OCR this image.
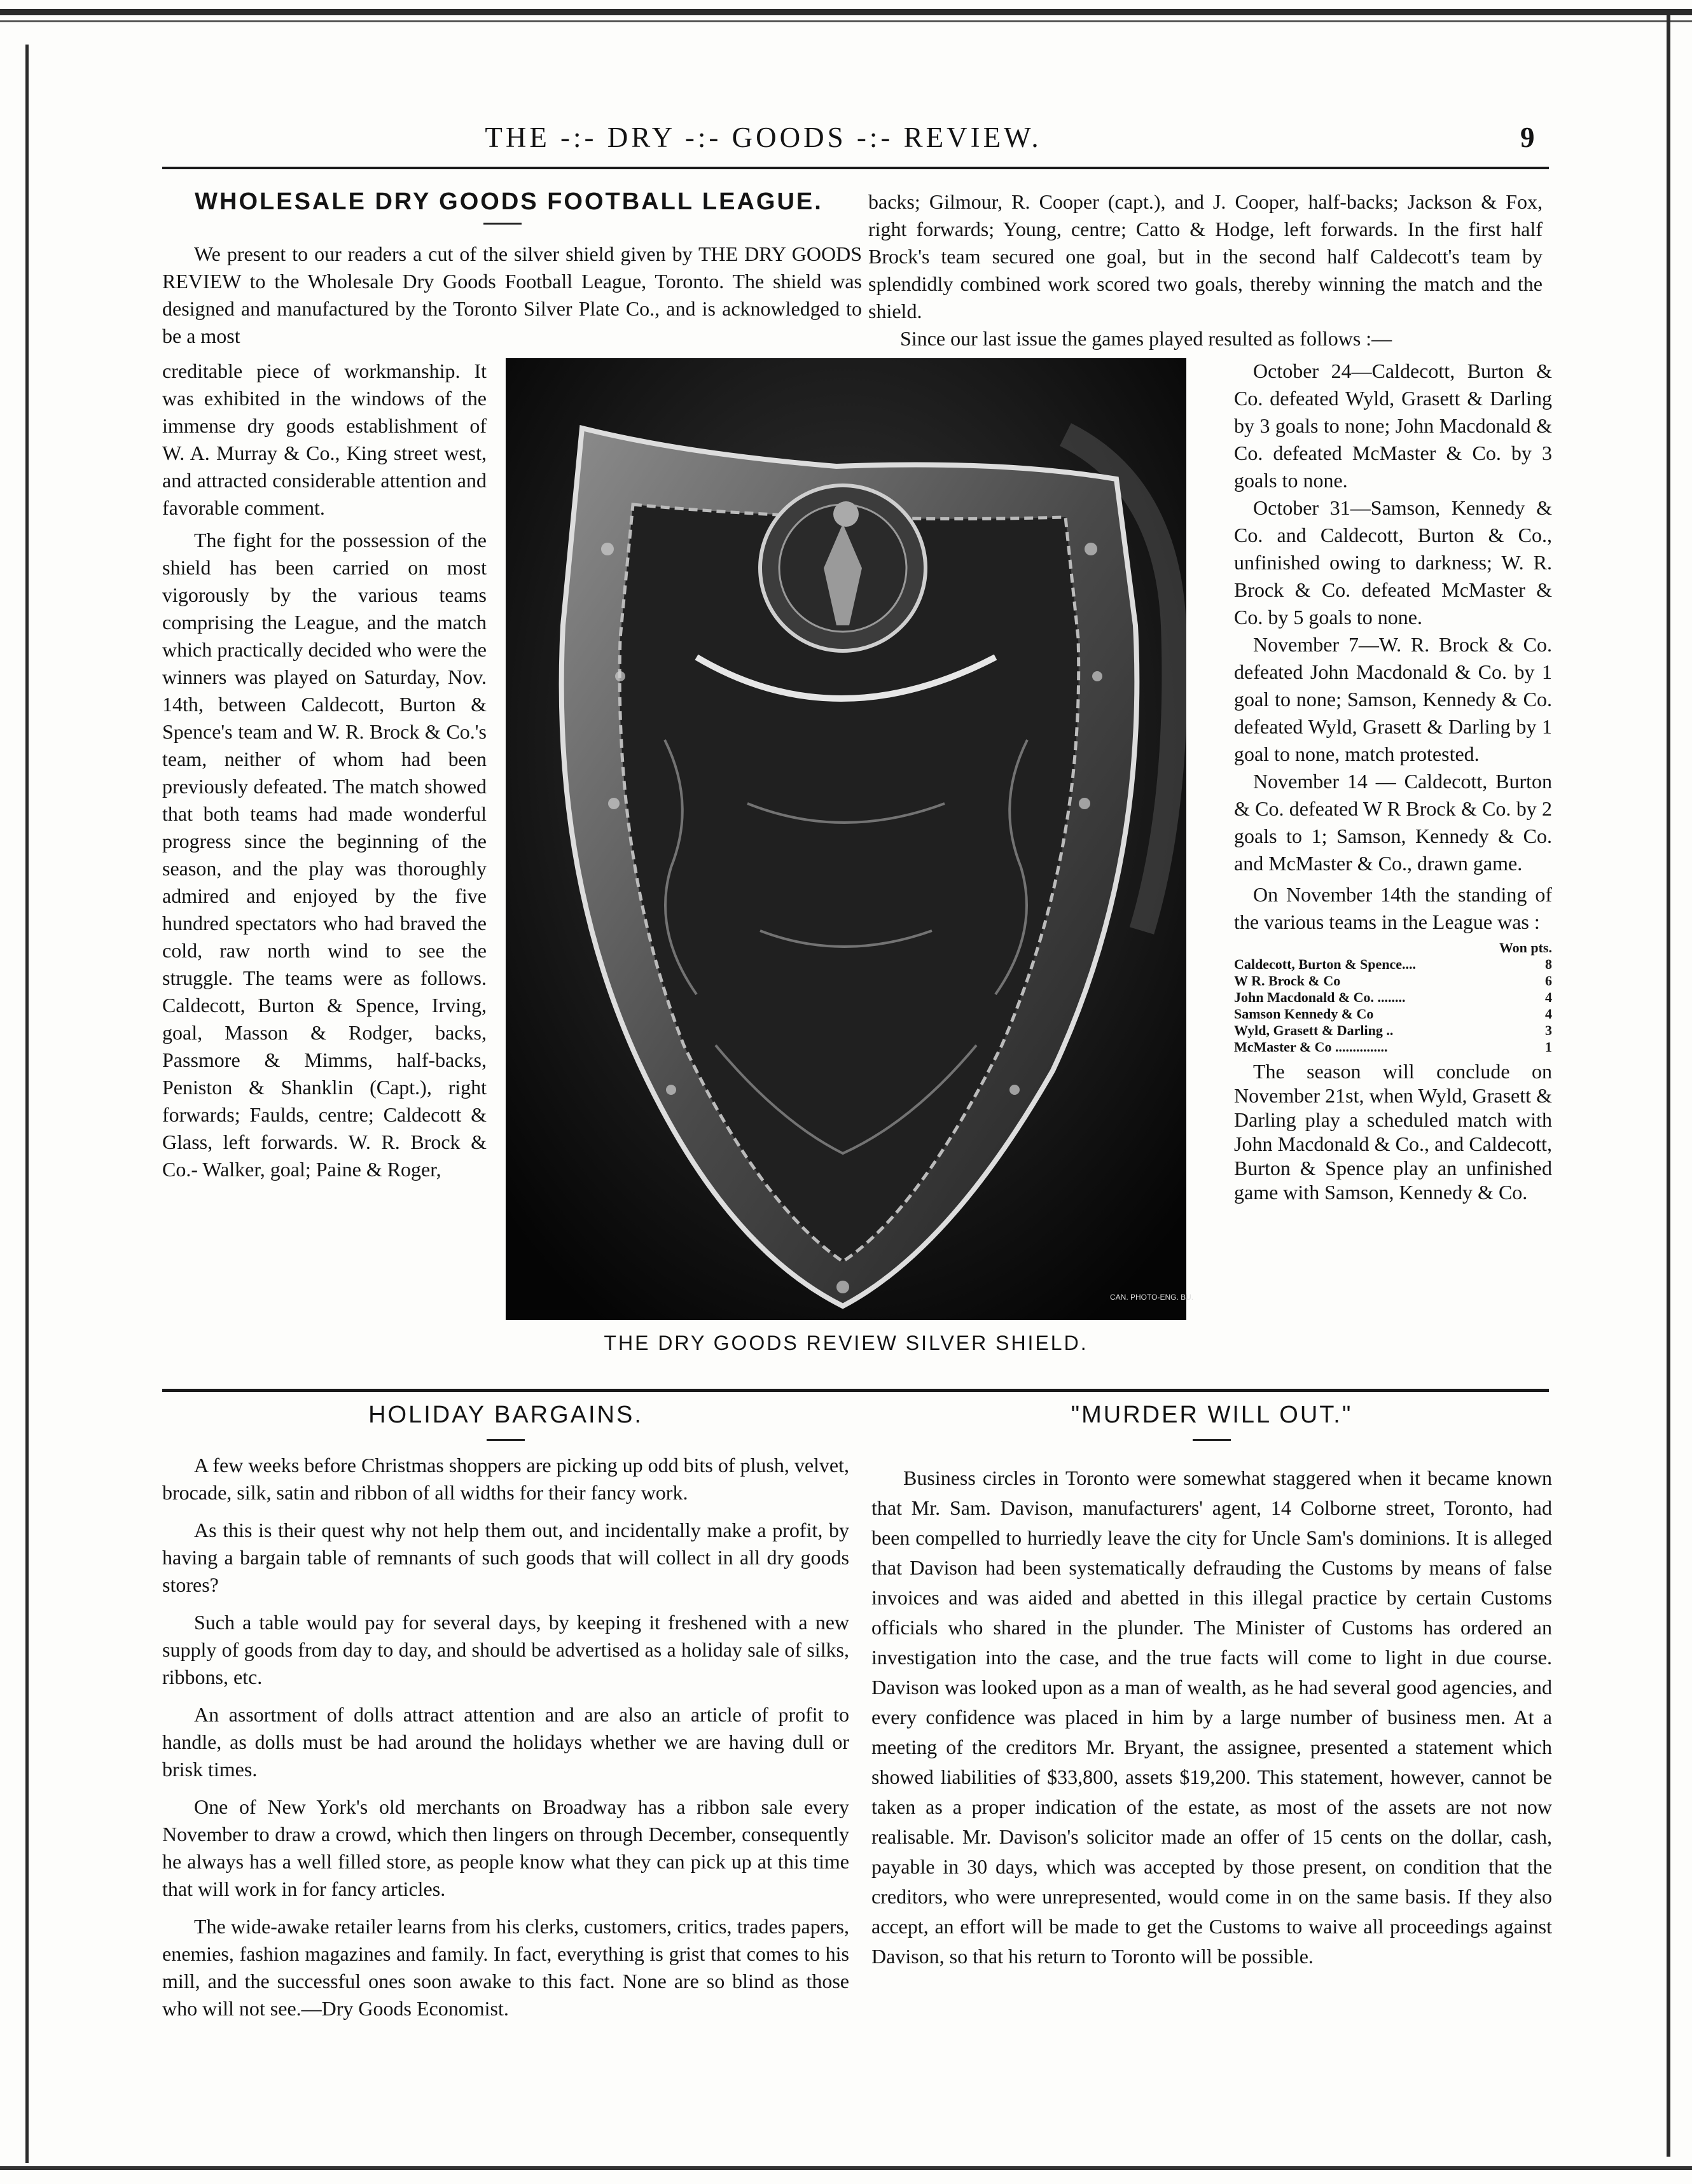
THE -:- DRY -:- GOODS -:- REVIEW.	9
WHOLESALE DRY GOODS FOOTBALL LEAGUE.

We present to our readers a cut of the silver shield given by THE DRY GOODS REVIEW to the Wholesale Dry Goods Football League, Toronto. The shield was designed and manufactured by the Toronto Silver Plate Co., and is acknowledged to be a most

creditable piece of workmanship. It was exhibited in the windows of the immense dry goods establishment of W. A. Murray & Co., King street west, and attracted considerable attention and favorable comment.

The fight for the possession of the shield has been carried on most vigorously by the various teams comprising the League, and the match which practically decided who were the winners was played on Saturday, Nov. 14th, between Caldecott, Burton & Spence's team and W. R. Brock & Co.'s team, neither of whom had been previously defeated. The match showed that both teams had made wonderful progress since the beginning of the season, and the play was thoroughly admired and enjoyed by the five hundred spectators who had braved the cold, raw north wind to see the struggle. The teams were as follows. Caldecott, Burton & Spence, Irving, goal, Masson & Rodger, backs, Passmore & Mimms, half-backs, Peniston & Shanklin (Capt.), right forwards; Faulds, centre; Caldecott & Glass, left forwards. W. R. Brock & Co.- Walker, goal; Paine & Roger,

backs; Gilmour, R. Cooper (capt.), and J. Cooper, half-backs; Jackson & Fox, right forwards; Young, centre; Catto & Hodge, left forwards. In the first half Brock's team secured one goal, but in the second half Caldecott's team by splendidly combined work scored two goals, thereby winning the match and the shield.

Since our last issue the games played resulted as follows :—

CAN. PHOTO-ENG. BU.
THE DRY GOODS REVIEW SILVER SHIELD.

October 24—Caldecott, Burton & Co. defeated Wyld, Grasett & Darling by 3 goals to none; John Macdonald & Co. defeated McMaster & Co. by 3 goals to none.

October 31—Samson, Kennedy & Co. and Caldecott, Burton & Co., unfinished owing to darkness; W. R. Brock & Co. defeated McMaster & Co. by 5 goals to none.

November 7—W. R. Brock & Co. defeated John Macdonald & Co. by 1 goal to none; Samson, Kennedy & Co. defeated Wyld, Grasett & Darling by 1 goal to none, match protested.

November 14 — Caldecott, Burton & Co. defeated W R Brock & Co. by 2 goals to 1; Samson, Kennedy & Co. and McMaster & Co., drawn game.

On November 14th the standing of the various teams in the League was :

Won pts.
Caldecott, Burton & Spence....	8
W R. Brock & Co	6
John Macdonald & Co. ........	4
Samson Kennedy & Co	4
Wyld, Grasett & Darling ..	3
McMaster & Co ...............	1

The season will conclude on November 21st, when Wyld, Grasett & Darling play a scheduled match with John Macdonald & Co., and Caldecott, Burton & Spence play an unfinished game with Samson, Kennedy & Co.

HOLIDAY BARGAINS.

A few weeks before Christmas shoppers are picking up odd bits of plush, velvet, brocade, silk, satin and ribbon of all widths for their fancy work.

As this is their quest why not help them out, and incidentally make a profit, by having a bargain table of remnants of such goods that will collect in all dry goods stores?

Such a table would pay for several days, by keeping it freshened with a new supply of goods from day to day, and should be advertised as a holiday sale of silks, ribbons, etc.

An assortment of dolls attract attention and are also an article of profit to handle, as dolls must be had around the holidays whether we are having dull or brisk times.

One of New York's old merchants on Broadway has a ribbon sale every November to draw a crowd, which then lingers on through December, consequently he always has a well filled store, as people know what they can pick up at this time that will work in for fancy articles.

The wide-awake retailer learns from his clerks, customers, critics, trades papers, enemies, fashion magazines and family. In fact, everything is grist that comes to his mill, and the successful ones soon awake to this fact. None are so blind as those who will not see.—Dry Goods Economist.

"MURDER WILL OUT."

Business circles in Toronto were somewhat staggered when it became known that Mr. Sam. Davison, manufacturers' agent, 14 Colborne street, Toronto, had been compelled to hurriedly leave the city for Uncle Sam's dominions. It is alleged that Davison had been systematically defrauding the Customs by means of false invoices and was aided and abetted in this illegal practice by certain Customs officials who shared in the plunder. The Minister of Customs has ordered an investigation into the case, and the true facts will come to light in due course. Davison was looked upon as a man of wealth, as he had several good agencies, and every confidence was placed in him by a large number of business men. At a meeting of the creditors Mr. Bryant, the assignee, presented a statement which showed liabilities of $33,800, assets $19,200. This statement, however, cannot be taken as a proper indication of the estate, as most of the assets are not now realisable. Mr. Davison's solicitor made an offer of 15 cents on the dollar, cash, payable in 30 days, which was accepted by those present, on condition that the creditors, who were unrepresented, would come in on the same basis. If they also accept, an effort will be made to get the Customs to waive all proceedings against Davison, so that his return to Toronto will be possible.
